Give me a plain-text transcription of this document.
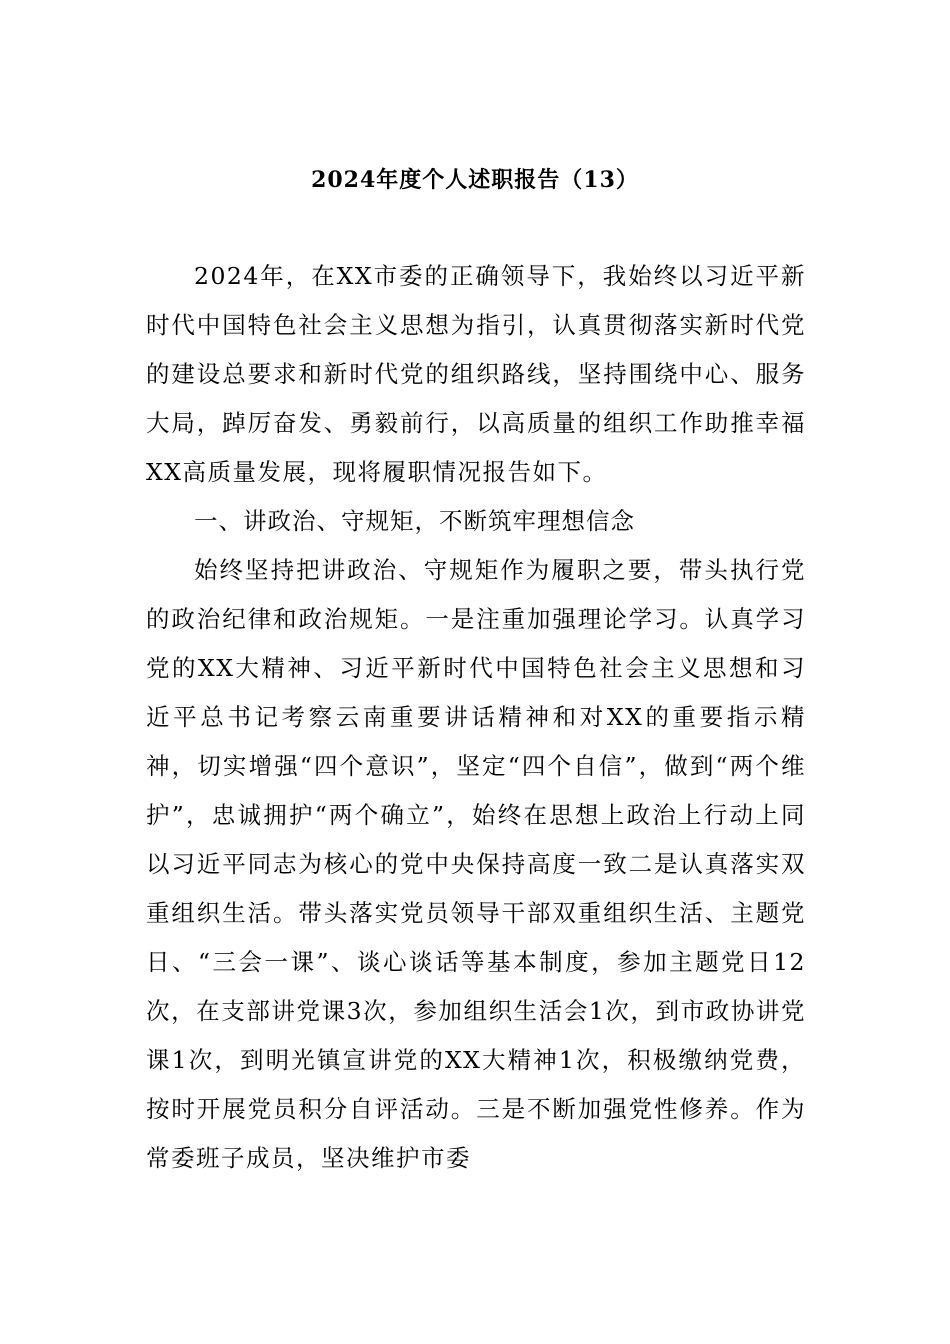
2024年度个人述职报告（13）

2024年，在XX市委的正确领导下，我始终以习近平新时代中国特色社会主义思想为指引，认真贯彻落实新时代党的建设总要求和新时代党的组织路线，坚持围绕中心、服务大局，踔厉奋发、勇毅前行，以高质量的组织工作助推幸福XX高质量发展，现将履职情况报告如下。

一、讲政治、守规矩，不断筑牢理想信念

始终坚持把讲政治、守规矩作为履职之要，带头执行党的政治纪律和政治规矩。一是注重加强理论学习。认真学习党的XX大精神、习近平新时代中国特色社会主义思想和习近平总书记考察云南重要讲话精神和对XX的重要指示精神，切实增强“四个意识”，坚定“四个自信”，做到“两个维护”，忠诚拥护“两个确立”，始终在思想上政治上行动上同以习近平同志为核心的党中央保持高度一致二是认真落实双重组织生活。带头落实党员领导干部双重组织生活、主题党日、“三会一课”、谈心谈话等基本制度，参加主题党日12次，在支部讲党课3次，参加组织生活会1次，到市政协讲党课1次，到明光镇宣讲党的XX大精神1次，积极缴纳党费，按时开展党员积分自评活动。三是不断加强党性修养。作为常委班子成员，坚决维护市委
